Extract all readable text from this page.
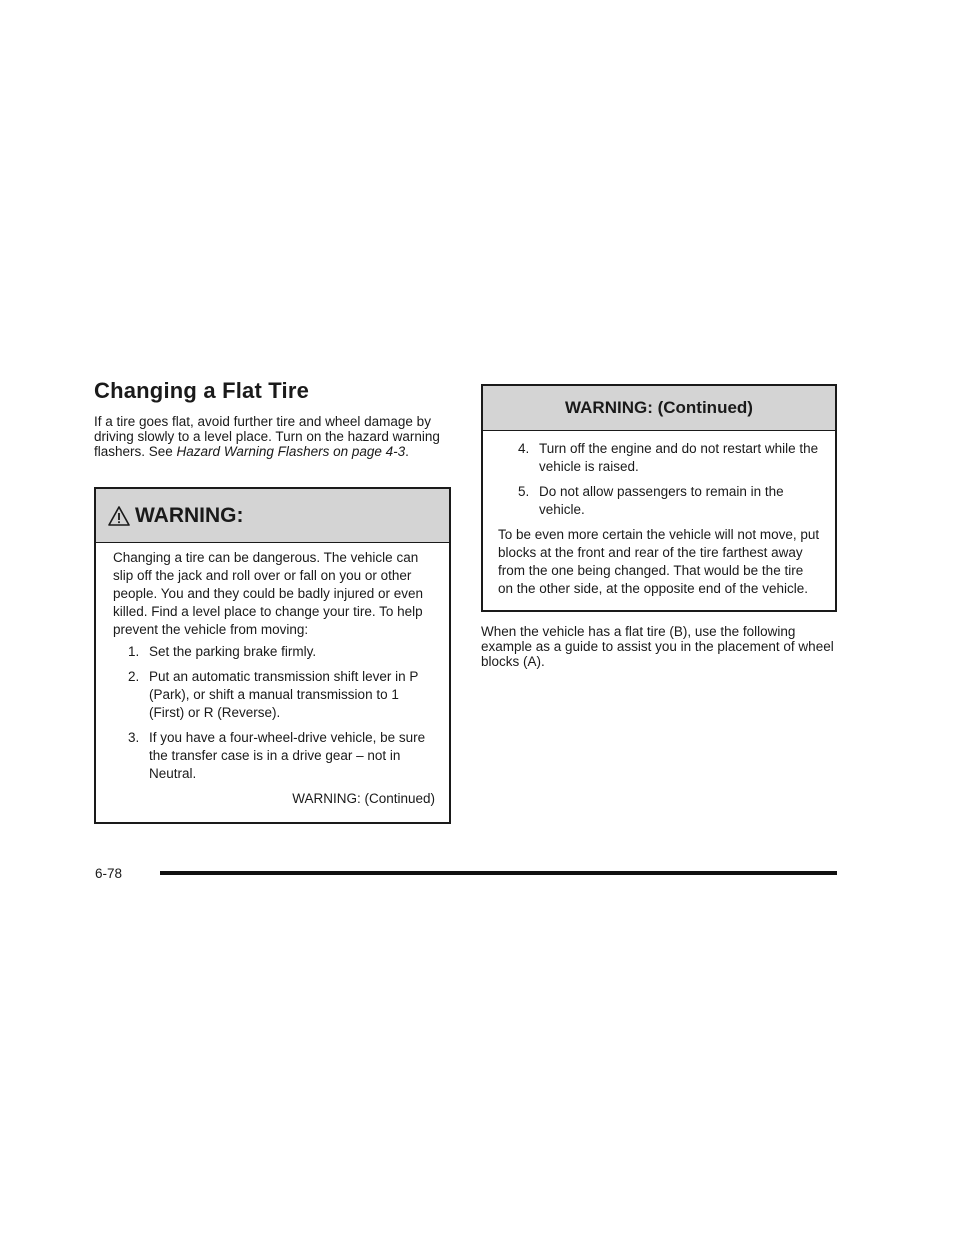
Changing a Flat Tire

If a tire goes flat, avoid further tire and wheel damage by driving slowly to a level place. Turn on the hazard warning flashers. See Hazard Warning Flashers on page 4-3.

WARNING:

Changing a tire can be dangerous. The vehicle can slip off the jack and roll over or fall on you or other people. You and they could be badly injured or even killed. Find a level place to change your tire. To help prevent the vehicle from moving:

1. Set the parking brake firmly.
2. Put an automatic transmission shift lever in P (Park), or shift a manual transmission to 1 (First) or R (Reverse).
3. If you have a four-wheel-drive vehicle, be sure the transfer case is in a drive gear – not in Neutral.
WARNING: (Continued)
WARNING: (Continued)
4. Turn off the engine and do not restart while the vehicle is raised.
5. Do not allow passengers to remain in the vehicle.

To be even more certain the vehicle will not move, put blocks at the front and rear of the tire farthest away from the one being changed. That would be the tire on the other side, at the opposite end of the vehicle.

When the vehicle has a flat tire (B), use the following example as a guide to assist you in the placement of wheel blocks (A).

6-78
